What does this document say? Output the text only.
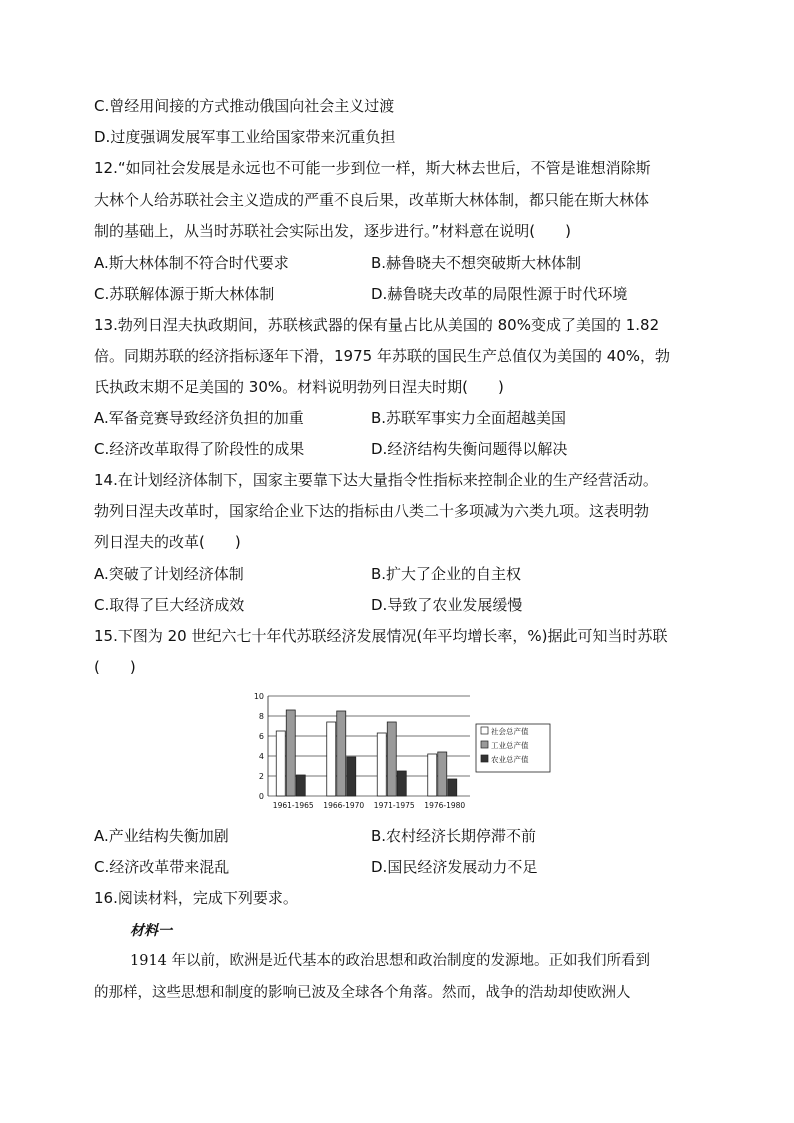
C.曾经用间接的方式推动俄国向社会主义过渡
D.过度强调发展军事工业给国家带来沉重负担
12.“如同社会发展是永远也不可能一步到位一样，斯大林去世后，不管是谁想消除斯
大林个人给苏联社会主义造成的严重不良后果，改革斯大林体制，都只能在斯大林体
制的基础上，从当时苏联社会实际出发，逐步进行。”材料意在说明(　　)
A.斯大林体制不符合时代要求	B.赫鲁晓夫不想突破斯大林体制
C.苏联解体源于斯大林体制	D.赫鲁晓夫改革的局限性源于时代环境
13.勃列日涅夫执政期间，苏联核武器的保有量占比从美国的 80%变成了美国的 1.82
倍。同期苏联的经济指标逐年下滑，1975 年苏联的国民生产总值仅为美国的 40%，勃
氏执政末期不足美国的 30%。材料说明勃列日涅夫时期(　　)
A.军备竞赛导致经济负担的加重	B.苏联军事实力全面超越美国
C.经济改革取得了阶段性的成果	D.经济结构失衡问题得以解决
14.在计划经济体制下，国家主要靠下达大量指令性指标来控制企业的生产经营活动。
勃列日涅夫改革时，国家给企业下达的指标由八类二十多项减为六类九项。这表明勃
列日涅夫的改革(　　)
A.突破了计划经济体制	B.扩大了企业的自主权
C.取得了巨大经济成效	D.导致了农业发展缓慢
15.下图为 20 世纪六七十年代苏联经济发展情况(年平均增长率，%)据此可知当时苏联
(　　)
0
2
4
6
8
10
1961-1965 1966-1970 1971-1975 1976-1980
社会总产值
工业总产值
农业总产值
A.产业结构失衡加剧	B.农村经济长期停滞不前
C.经济改革带来混乱	D.国民经济发展动力不足
16.阅读材料，完成下列要求。
材料一
1914 年以前，欧洲是近代基本的政治思想和政治制度的发源地。正如我们所看到
的那样，这些思想和制度的影响已波及全球各个角落。然而，战争的浩劫却使欧洲人
